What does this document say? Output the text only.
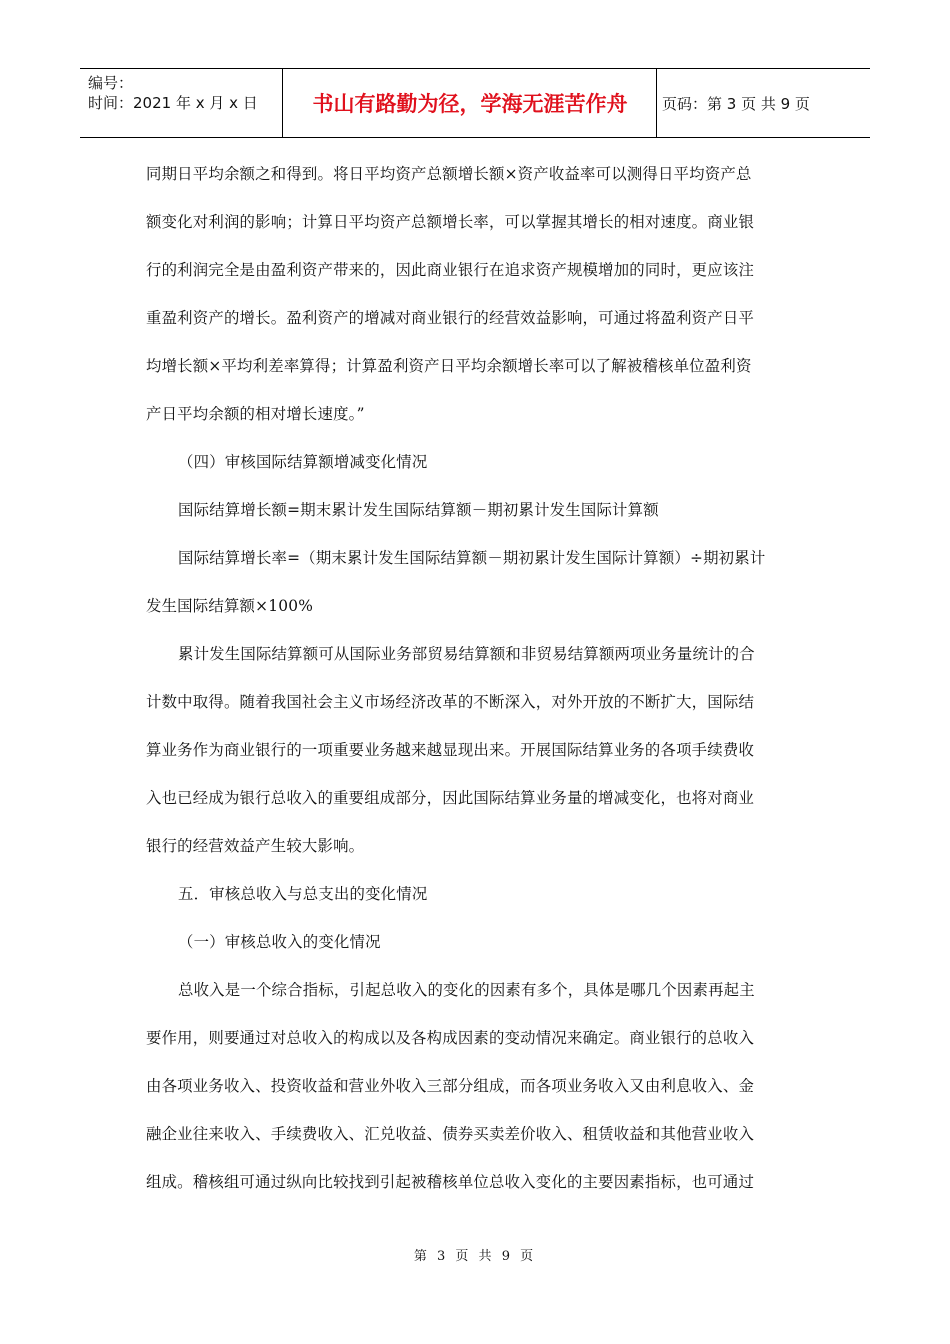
编号：
时间：2021 年 x 月 x 日	书山有路勤为径，学海无涯苦作舟	页码：第 3 页 共 9 页

同期日平均余额之和得到。将日平均资产总额增长额×资产收益率可以测得日平均资产总

额变化对利润的影响；计算日平均资产总额增长率，可以掌握其增长的相对速度。商业银

行的利润完全是由盈利资产带来的，因此商业银行在追求资产规模增加的同时，更应该注

重盈利资产的增长。盈利资产的增减对商业银行的经营效益影响，可通过将盈利资产日平

均增长额×平均利差率算得；计算盈利资产日平均余额增长率可以了解被稽核单位盈利资

产日平均余额的相对增长速度。”

（四）审核国际结算额增减变化情况

国际结算增长额=期末累计发生国际结算额－期初累计发生国际计算额

国际结算增长率=（期末累计发生国际结算额－期初累计发生国际计算额）÷期初累计

发生国际结算额×100%

累计发生国际结算额可从国际业务部贸易结算额和非贸易结算额两项业务量统计的合

计数中取得。随着我国社会主义市场经济改革的不断深入，对外开放的不断扩大，国际结

算业务作为商业银行的一项重要业务越来越显现出来。开展国际结算业务的各项手续费收

入也已经成为银行总收入的重要组成部分，因此国际结算业务量的增减变化，也将对商业

银行的经营效益产生较大影响。

五．审核总收入与总支出的变化情况

（一）审核总收入的变化情况

总收入是一个综合指标，引起总收入的变化的因素有多个，具体是哪几个因素再起主

要作用，则要通过对总收入的构成以及各构成因素的变动情况来确定。商业银行的总收入

由各项业务收入、投资收益和营业外收入三部分组成，而各项业务收入又由利息收入、金

融企业往来收入、手续费收入、汇兑收益、债券买卖差价收入、租赁收益和其他营业收入

组成。稽核组可通过纵向比较找到引起被稽核单位总收入变化的主要因素指标，也可通过

第 3 页 共 9 页
